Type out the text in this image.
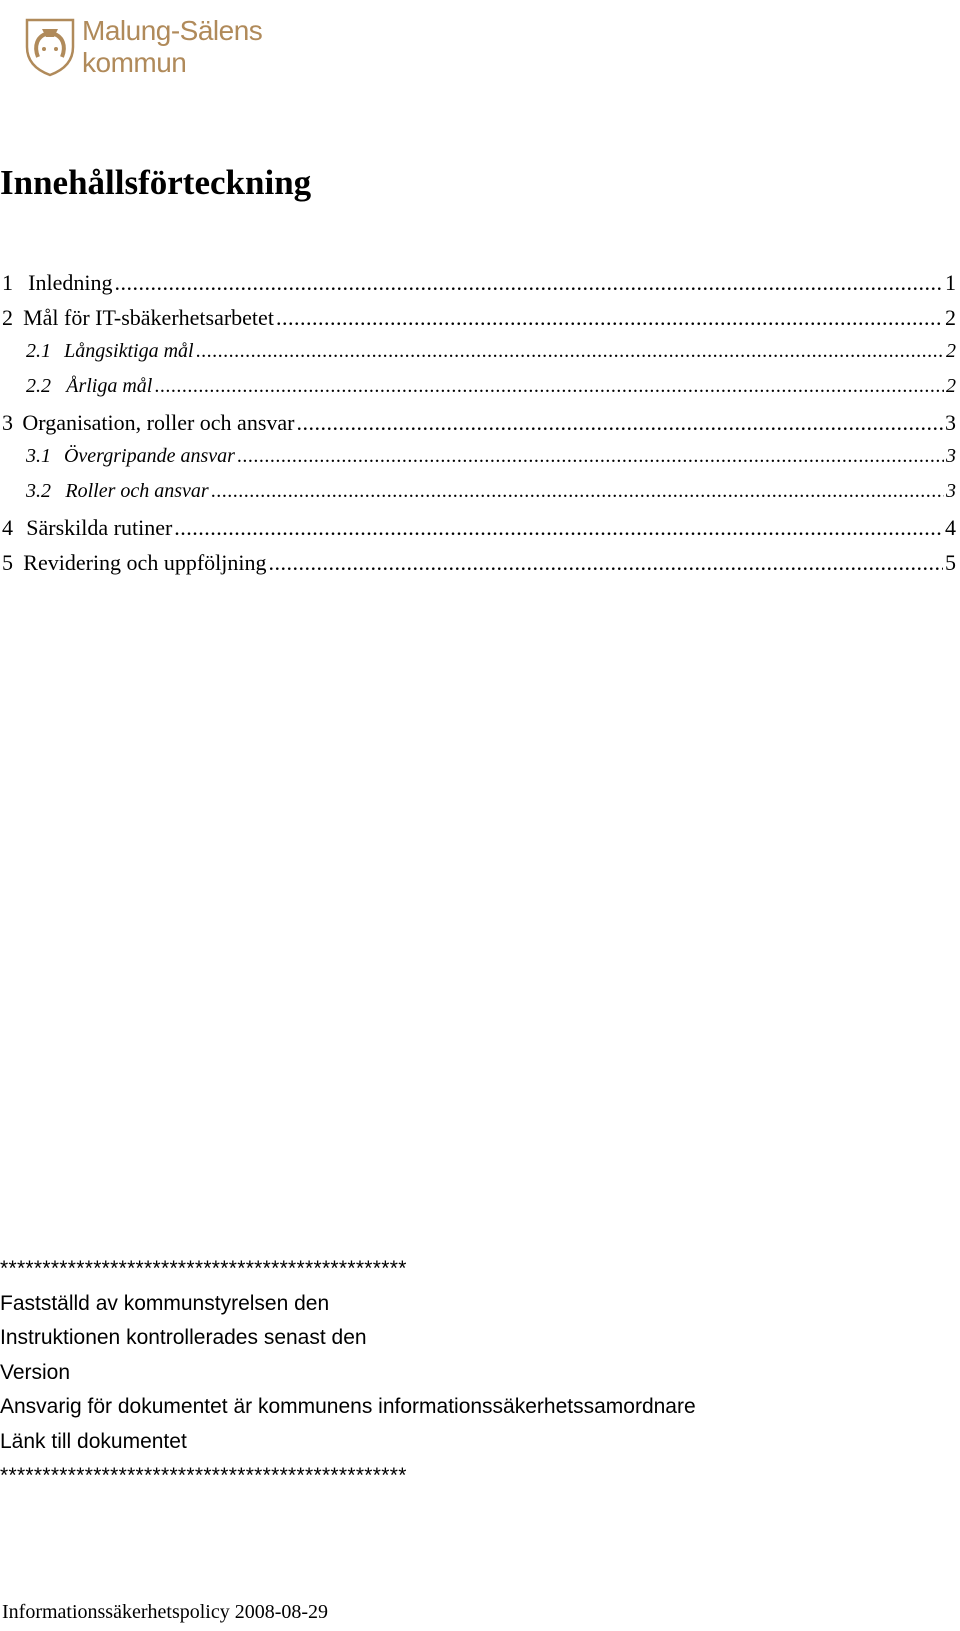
Malung-Sälens kommun
Innehållsförteckning
1 Inledning .....	1
2 Mål för IT-sbäkerhetsarbetet .....	2
2.1 Långsiktiga mål .....	2
2.2 Årliga mål .....	2
3 Organisation, roller och ansvar .....	3
3.1 Övergripande ansvar .....	3
3.2 Roller och ansvar .....	3
4 Särskilda rutiner .....	4
5 Revidering och uppföljning .....	5
************************************************
Fastställd av kommunstyrelsen den
Instruktionen kontrollerades senast den
Version
Ansvarig för dokumentet är kommunens informationssäkerhetssamordnare
Länk till dokumentet
************************************************
Informationssäkerhetspolicy 2008-08-29
